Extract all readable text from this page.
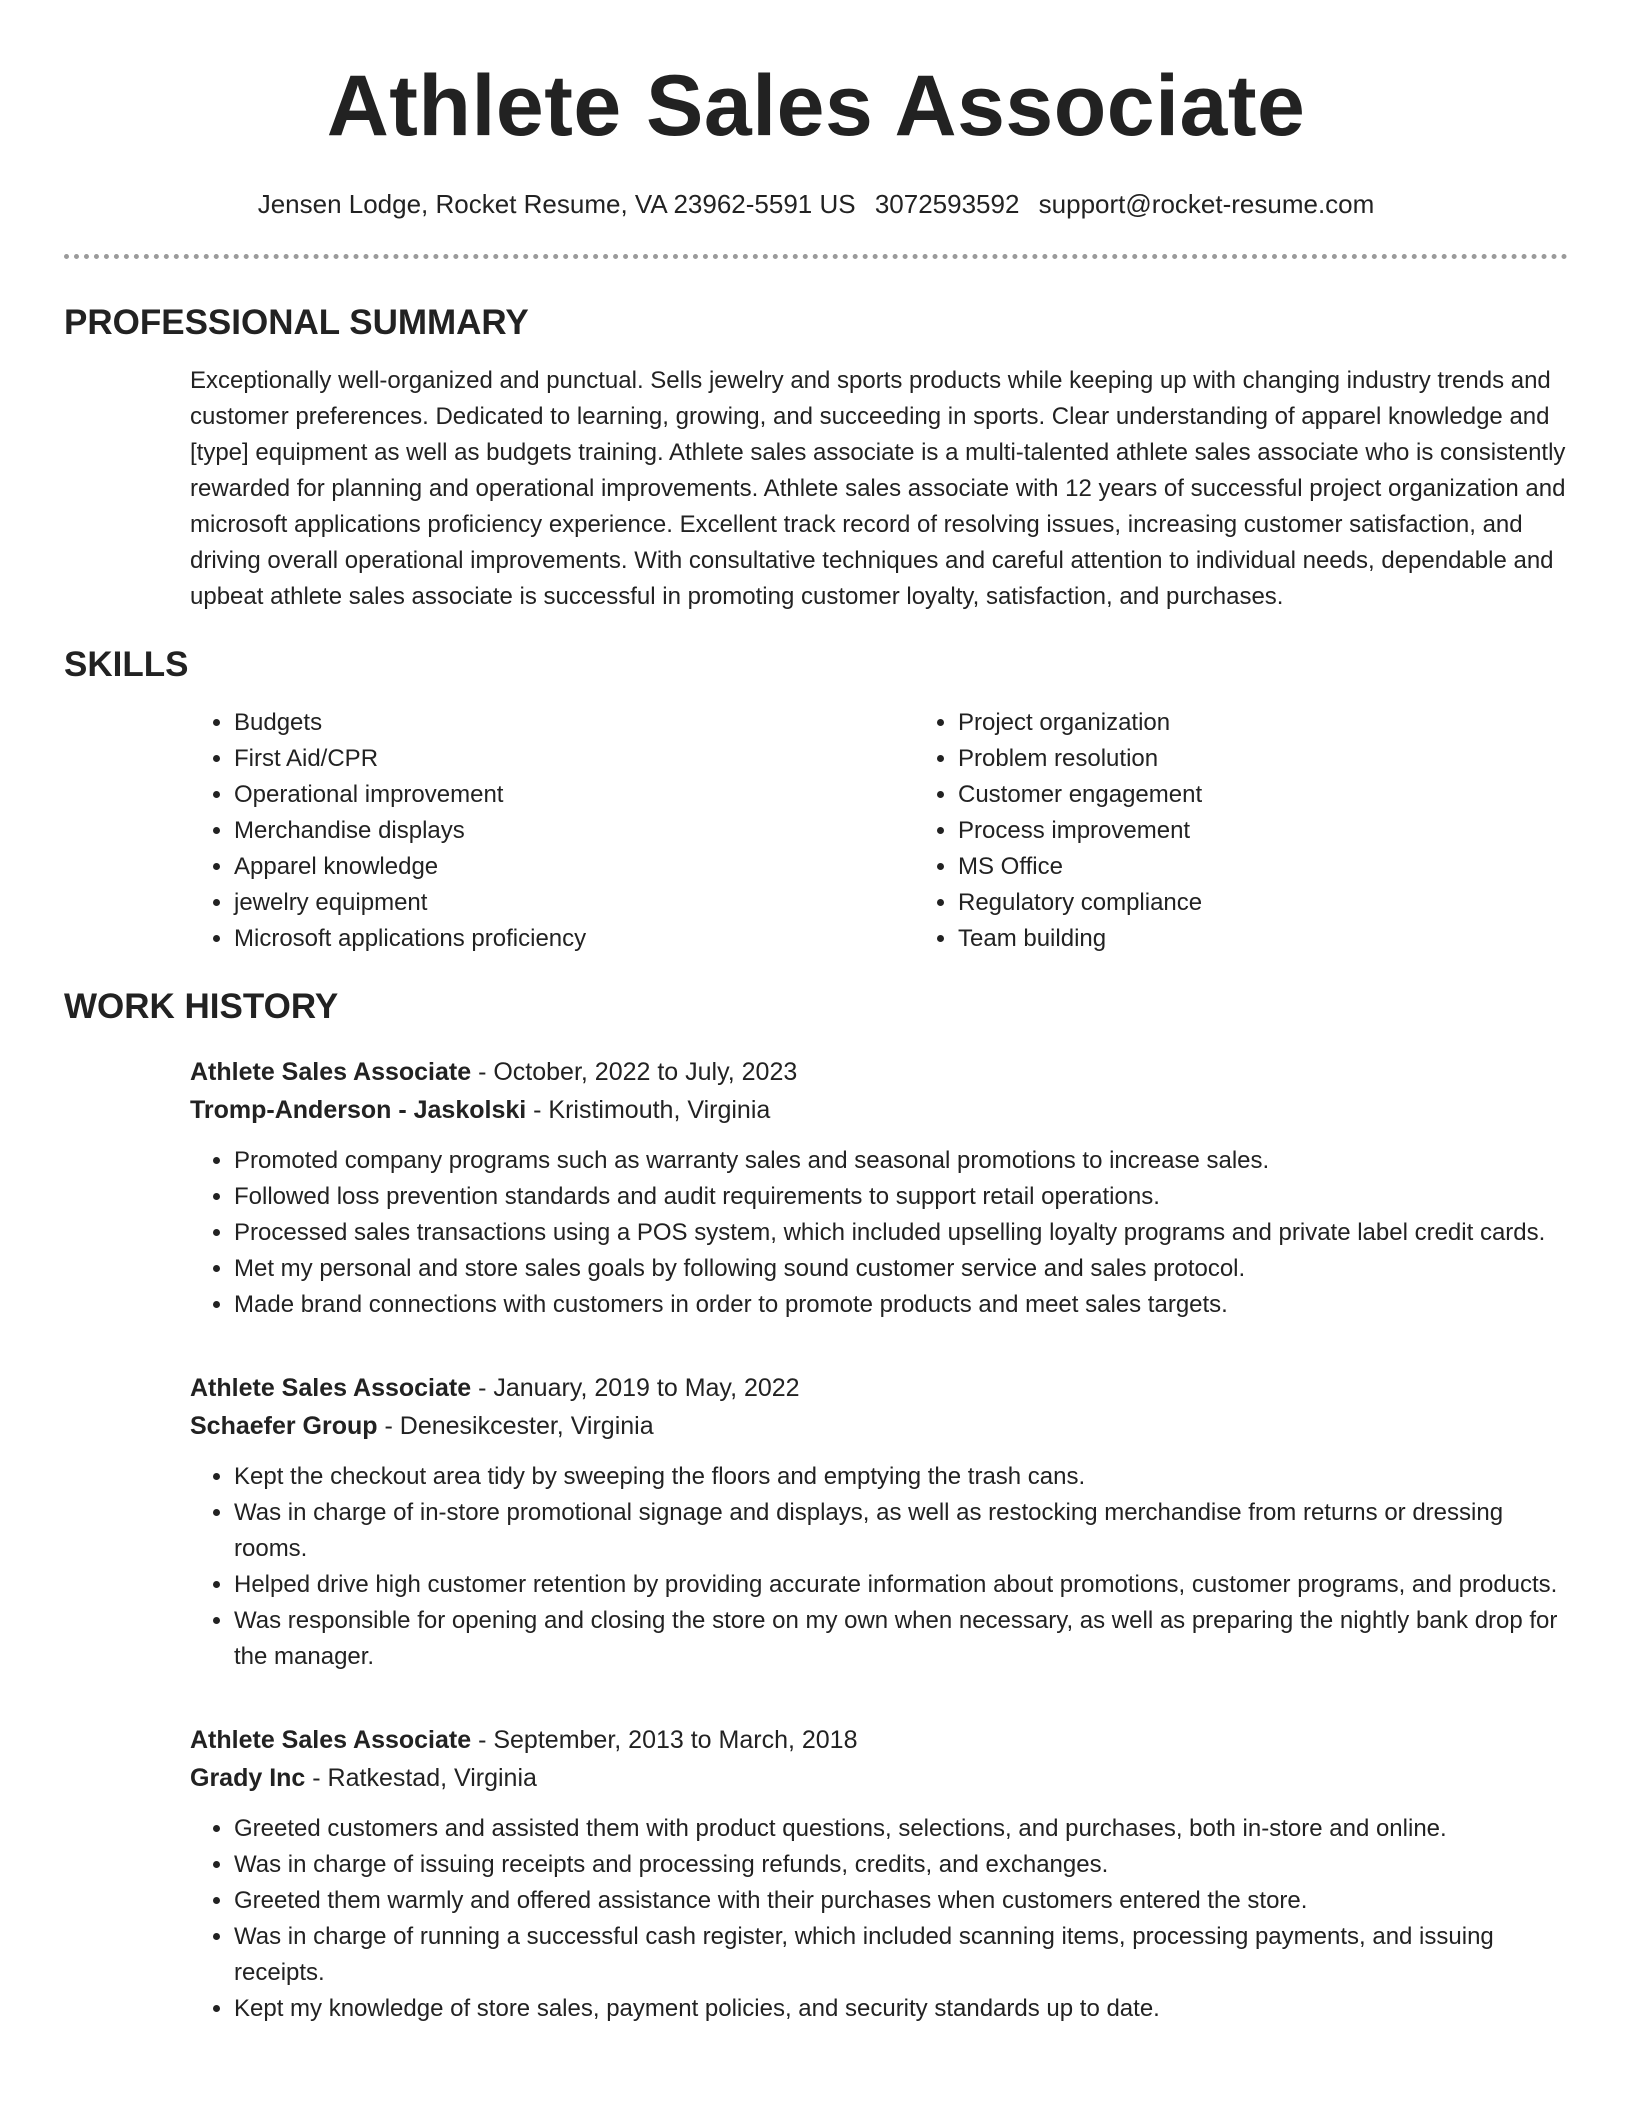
Athlete Sales Associate
Jensen Lodge, Rocket Resume, VA 23962-5591 US 3072593592 support@rocket-resume.com
PROFESSIONAL SUMMARY

Exceptionally well-organized and punctual. Sells jewelry and sports products while keeping up with changing industry trends and customer preferences. Dedicated to learning, growing, and succeeding in sports. Clear understanding of apparel knowledge and [type] equipment as well as budgets training. Athlete sales associate is a multi-talented athlete sales associate who is consistently rewarded for planning and operational improvements. Athlete sales associate with 12 years of successful project organization and microsoft applications proficiency experience. Excellent track record of resolving issues, increasing customer satisfaction, and driving overall operational improvements. With consultative techniques and careful attention to individual needs, dependable and upbeat athlete sales associate is successful in promoting customer loyalty, satisfaction, and purchases.

SKILLS
• Budgets
• First Aid/CPR
• Operational improvement
• Merchandise displays
• Apparel knowledge
• jewelry equipment
• Microsoft applications proficiency
• Project organization
• Problem resolution
• Customer engagement
• Process improvement
• MS Office
• Regulatory compliance
• Team building
WORK HISTORY
Athlete Sales Associate - October, 2022 to July, 2023
Tromp-Anderson - Jaskolski - Kristimouth, Virginia
• Promoted company programs such as warranty sales and seasonal promotions to increase sales.
• Followed loss prevention standards and audit requirements to support retail operations.
• Processed sales transactions using a POS system, which included upselling loyalty programs and private label credit cards.
• Met my personal and store sales goals by following sound customer service and sales protocol.
• Made brand connections with customers in order to promote products and meet sales targets.
Athlete Sales Associate - January, 2019 to May, 2022
Schaefer Group - Denesikcester, Virginia
• Kept the checkout area tidy by sweeping the floors and emptying the trash cans.
• Was in charge of in-store promotional signage and displays, as well as restocking merchandise from returns or dressing rooms.
• Helped drive high customer retention by providing accurate information about promotions, customer programs, and products.
• Was responsible for opening and closing the store on my own when necessary, as well as preparing the nightly bank drop for the manager.
Athlete Sales Associate - September, 2013 to March, 2018
Grady Inc - Ratkestad, Virginia
• Greeted customers and assisted them with product questions, selections, and purchases, both in-store and online.
• Was in charge of issuing receipts and processing refunds, credits, and exchanges.
• Greeted them warmly and offered assistance with their purchases when customers entered the store.
• Was in charge of running a successful cash register, which included scanning items, processing payments, and issuing receipts.
• Kept my knowledge of store sales, payment policies, and security standards up to date.
